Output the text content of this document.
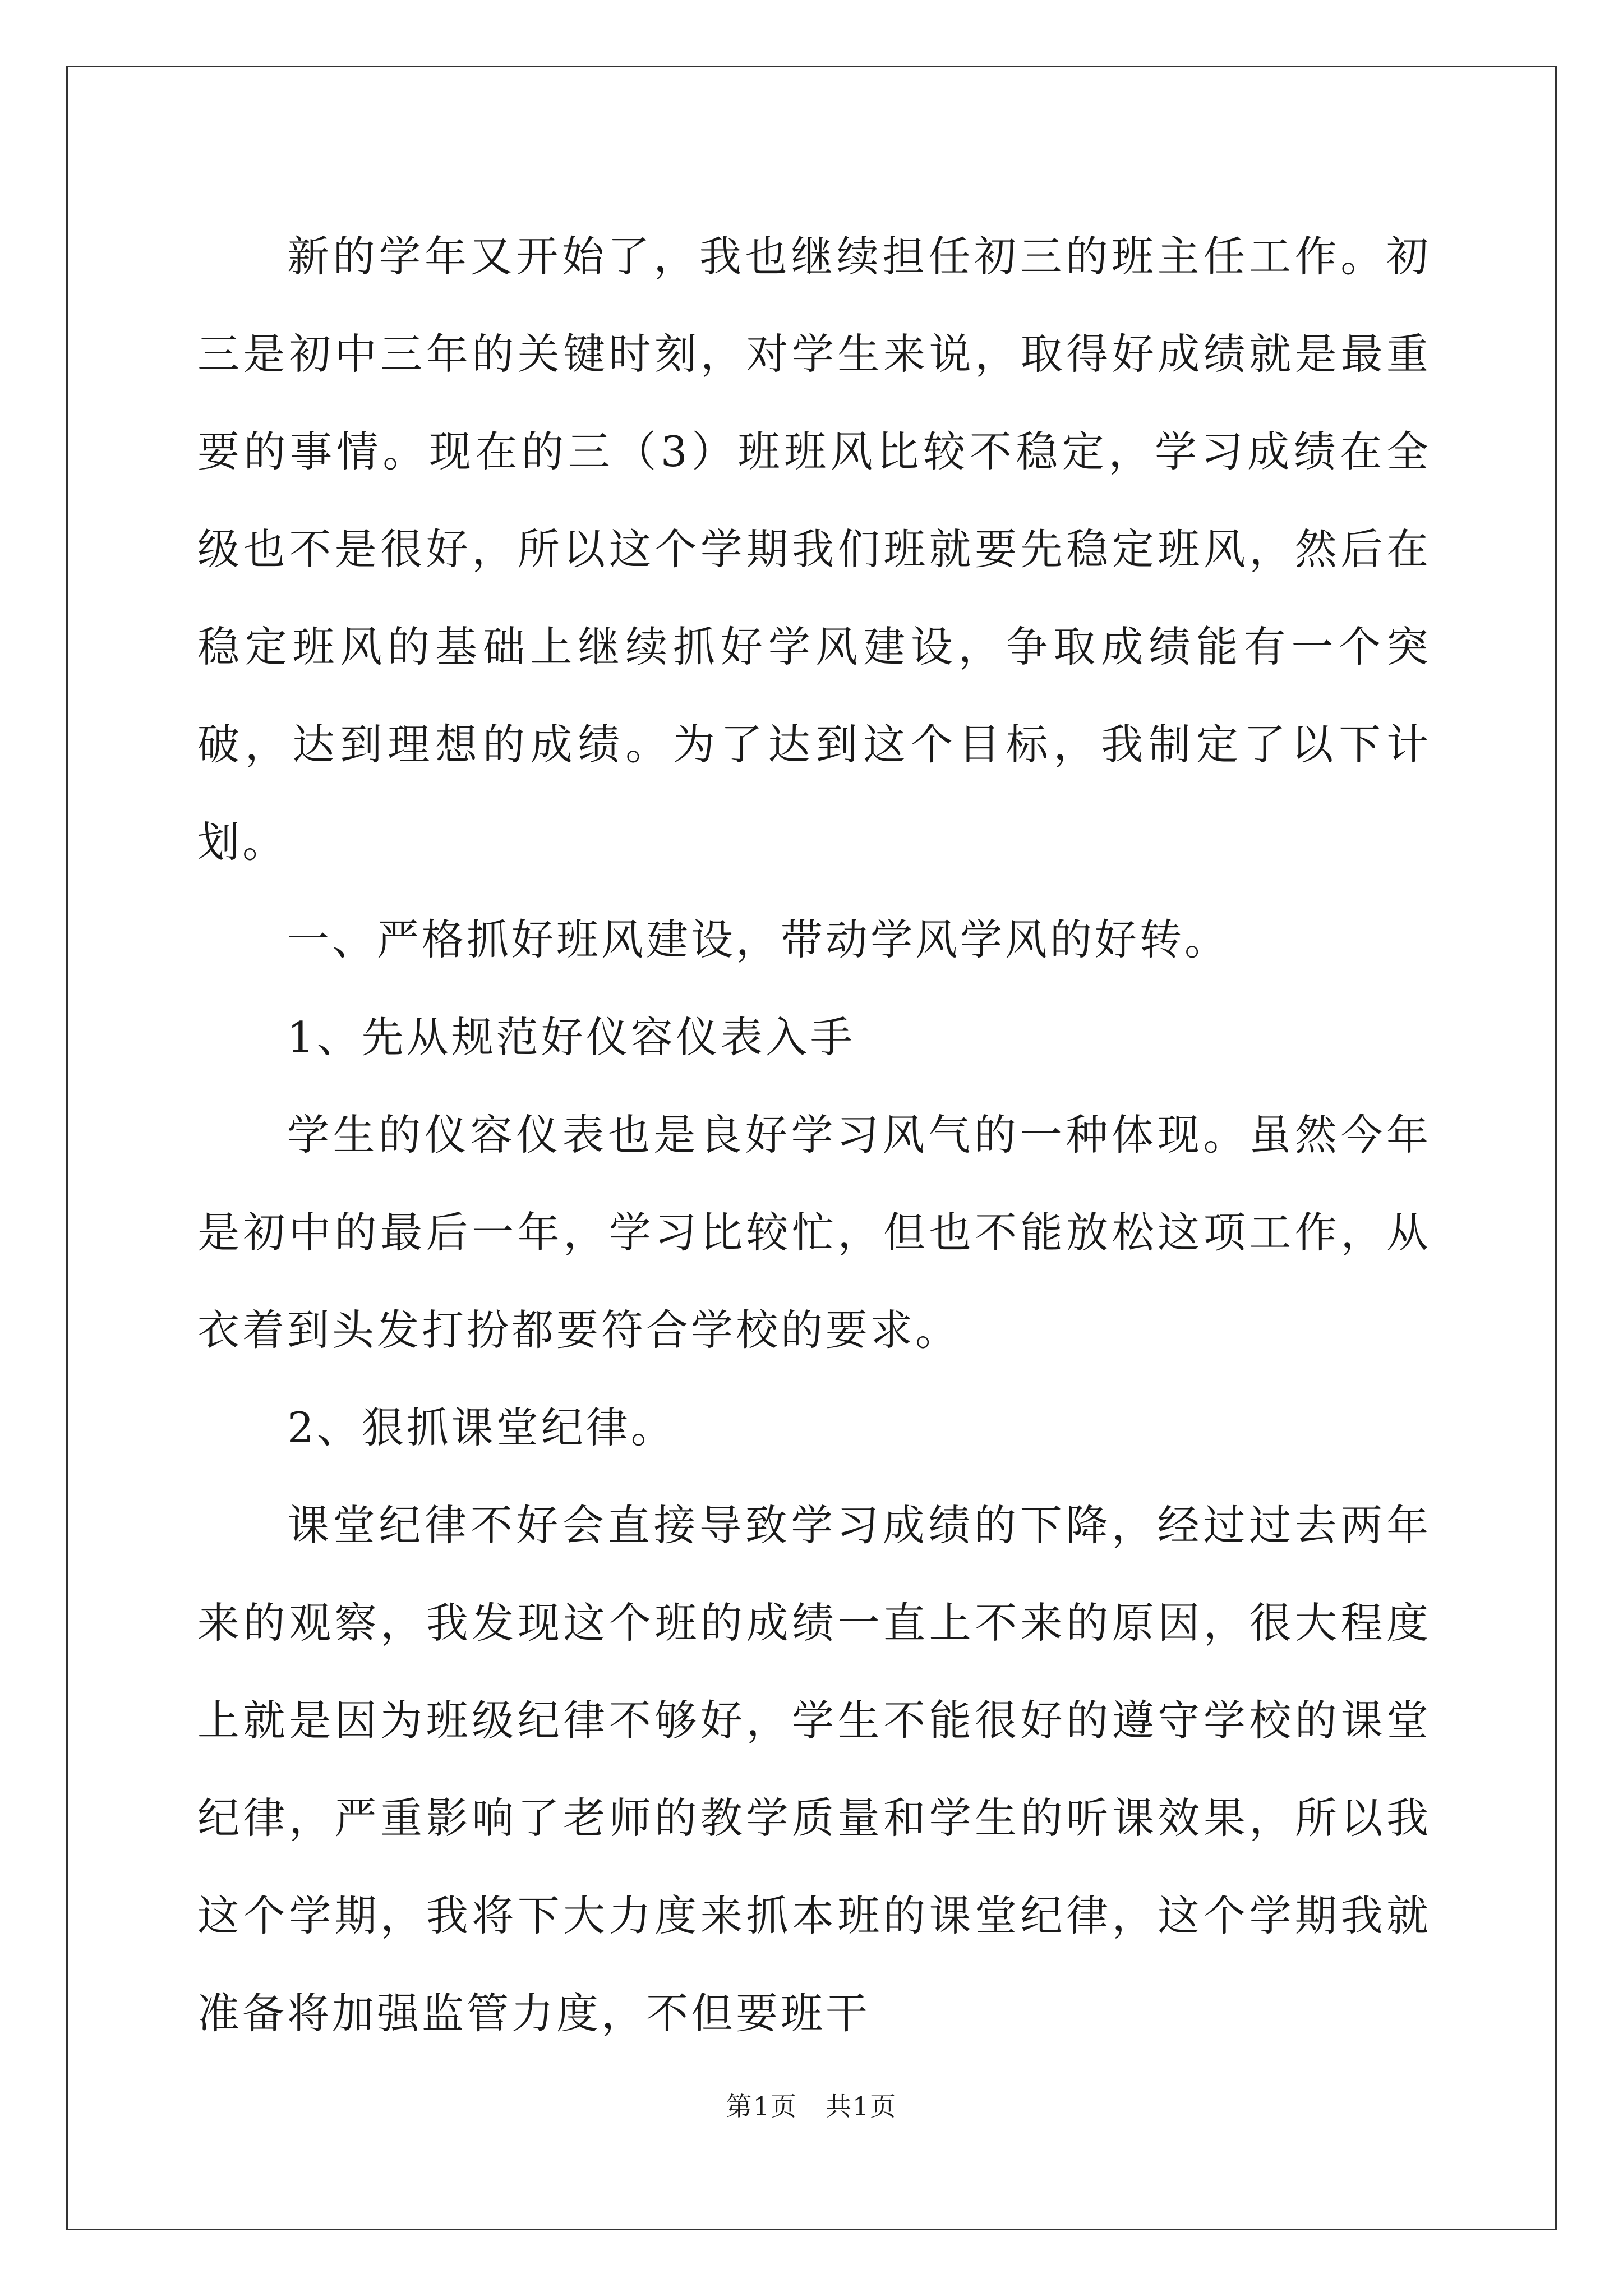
新的学年又开始了，我也继续担任初三的班主任工作。初三是初中三年的关键时刻，对学生来说，取得好成绩就是最重要的事情。现在的三（3）班班风比较不稳定，学习成绩在全级也不是很好，所以这个学期我们班就要先稳定班风，然后在稳定班风的基础上继续抓好学风建设，争取成绩能有一个突破，达到理想的成绩。为了达到这个目标，我制定了以下计划。

一、严格抓好班风建设，带动学风学风的好转。

1、先从规范好仪容仪表入手

学生的仪容仪表也是良好学习风气的一种体现。虽然今年是初中的最后一年，学习比较忙，但也不能放松这项工作，从衣着到头发打扮都要符合学校的要求。

2、狠抓课堂纪律。

课堂纪律不好会直接导致学习成绩的下降，经过过去两年来的观察，我发现这个班的成绩一直上不来的原因，很大程度上就是因为班级纪律不够好，学生不能很好的遵守学校的课堂纪律，严重影响了老师的教学质量和学生的听课效果，所以我这个学期，我将下大力度来抓本班的课堂纪律，这个学期我就准备将加强监管力度，不但要班干

第1页 共1页
